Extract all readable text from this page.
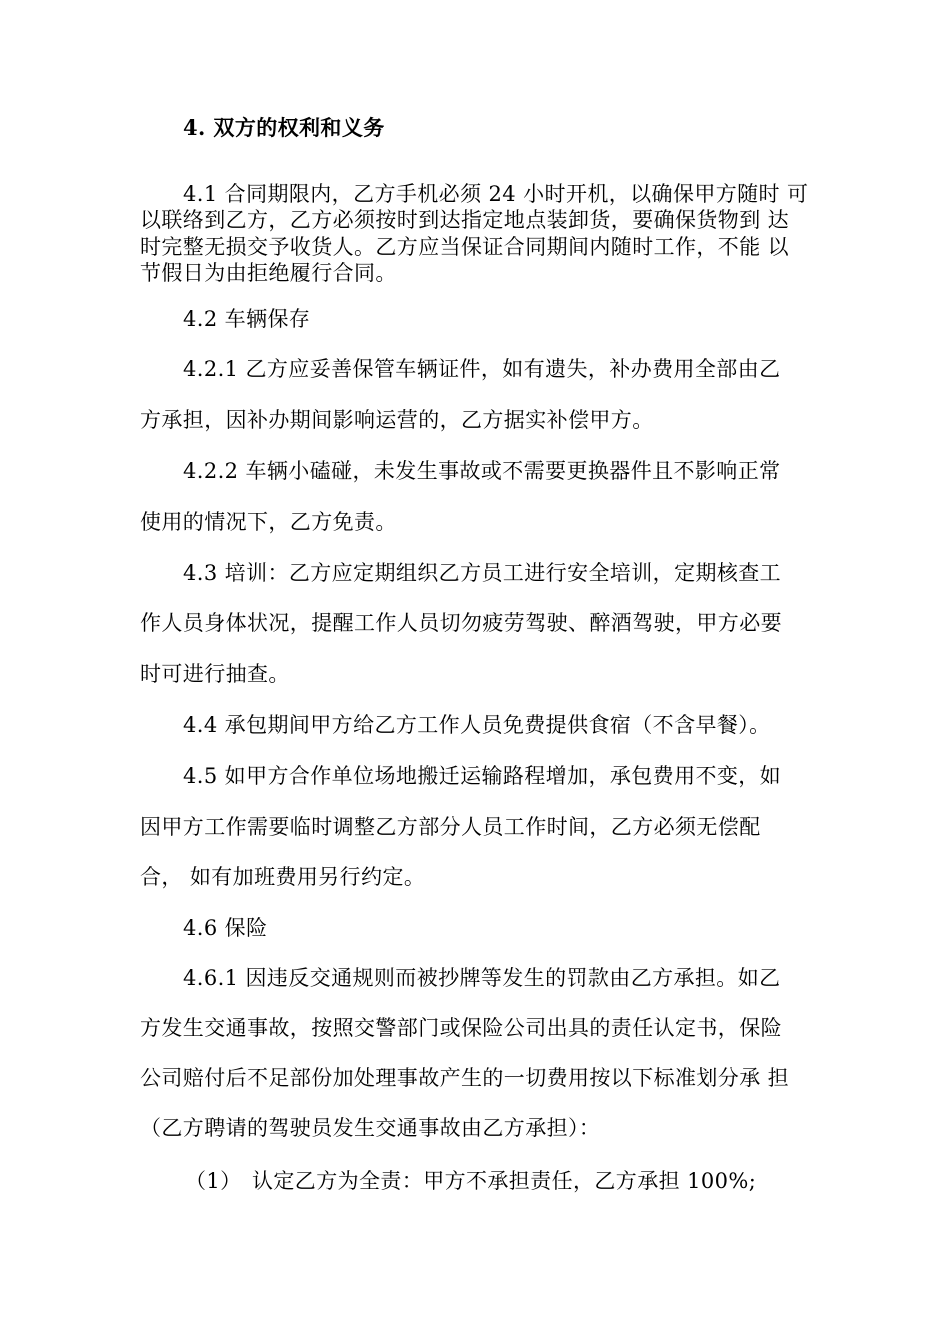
4. 双方的权利和义务
4.1 合同期限内，乙方手机必须 24 小时开机，以确保甲方随时 可
以联络到乙方，乙方必须按时到达指定地点装卸货，要确保货物到 达
时完整无损交予收货人。乙方应当保证合同期间内随时工作，不能 以
节假日为由拒绝履行合同。
4.2 车辆保存
4.2.1 乙方应妥善保管车辆证件，如有遗失，补办费用全部由乙
方承担，因补办期间影响运营的，乙方据实补偿甲方。
4.2.2 车辆小磕碰，未发生事故或不需要更换器件且不影响正常
使用的情况下，乙方免责。
4.3 培训：乙方应定期组织乙方员工进行安全培训，定期核查工
作人员身体状况，提醒工作人员切勿疲劳驾驶、醉酒驾驶，甲方必要
时可进行抽查。
4.4 承包期间甲方给乙方工作人员免费提供食宿（不含早餐）。
4.5 如甲方合作单位场地搬迁运输路程增加，承包费用不变，如
因甲方工作需要临时调整乙方部分人员工作时间，乙方必须无偿配
合， 如有加班费用另行约定。
4.6 保险
4.6.1 因违反交通规则而被抄牌等发生的罚款由乙方承担。如乙
方发生交通事故，按照交警部门或保险公司出具的责任认定书，保险
公司赔付后不足部份加处理事故产生的一切费用按以下标准划分承 担
（乙方聘请的驾驶员发生交通事故由乙方承担）：
（1） 认定乙方为全责：甲方不承担责任，乙方承担 100%;
